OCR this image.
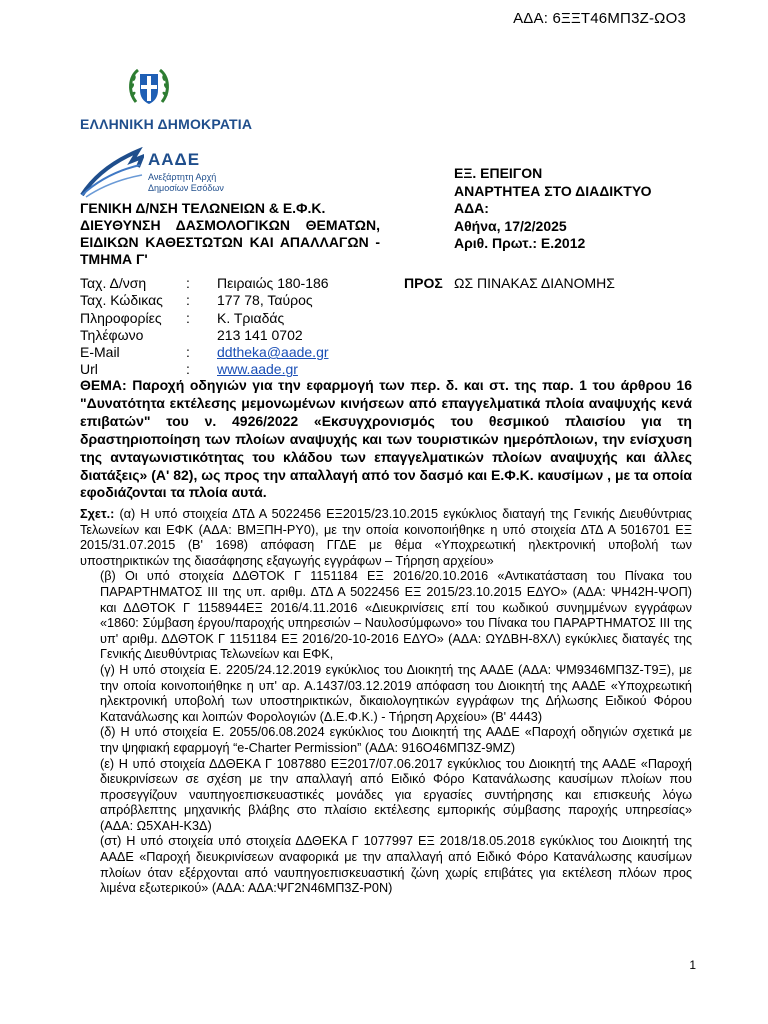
ΑΔΑ: 6ΞΞΤ46ΜΠ3Ζ-ΩΟ3
ΕΛΛΗΝΙΚΗ ΔΗΜΟΚΡΑΤΙΑ
ΑΑΔΕ
Ανεξάρτητη Αρχή
Δημοσίων Εσόδων
ΓΕΝΙΚΗ Δ/ΝΣΗ ΤΕΛΩΝΕΙΩΝ & Ε.Φ.Κ.
ΔΙΕΥΘΥΝΣΗ ΔΑΣΜΟΛΟΓΙΚΩΝ ΘΕΜΑΤΩΝ,
ΕΙΔΙΚΩΝ ΚΑΘΕΣΤΩΤΩΝ ΚΑΙ ΑΠΑΛΛΑΓΩΝ -
ΤΜΗΜΑ Γ'
ΕΞ. ΕΠΕΙΓΟΝ
ΑΝΑΡΤΗΤΕΑ ΣΤΟ ΔΙΑΔΙΚΤΥΟ
ΑΔΑ:
Αθήνα, 17/2/2025
Αριθ. Πρωτ.: Ε.2012
Ταχ. Δ/νση	: Πειραιώς 180-186
Ταχ. Κώδικας : 177 78, Ταύρος
Πληροφορίες : Κ. Τριαδάς
Τηλέφωνο	213 141 0702
E-Mail	: ddtheka@aade.gr
Url	: www.aade.gr
ΠΡΟΣ ΩΣ ΠΙΝΑΚΑΣ ΔΙΑΝΟΜΗΣ
ΘΕΜΑ: Παροχή οδηγιών για την εφαρμογή των περ. δ. και στ. της παρ. 1 του άρθρου 16 "Δυνατότητα εκτέλεσης μεμονωμένων κινήσεων από επαγγελματικά πλοία αναψυχής κενά επιβατών" του ν. 4926/2022 «Εκσυγχρονισμός του θεσμικού πλαισίου για τη δραστηριοποίηση των πλοίων αναψυχής και των τουριστικών ημερόπλοιων, την ενίσχυση της ανταγωνιστικότητας του κλάδου των επαγγελματικών πλοίων αναψυχής και άλλες διατάξεις» (Α' 82), ως προς την απαλλαγή από τον δασμό και Ε.Φ.Κ. καυσίμων , με τα οποία εφοδιάζονται τα πλοία αυτά.

Σχετ.: (α) Η υπό στοιχεία ΔΤΔ Α 5022456 ΕΞ2015/23.10.2015 εγκύκλιος διαταγή της Γενικής Διευθύντριας Τελωνείων και ΕΦΚ (ΑΔΑ: ΒΜΞΠΗ-ΡΥ0), με την οποία κοινοποιήθηκε η υπό στοιχεία ΔΤΔ Α 5016701 ΕΞ 2015/31.07.2015 (Β' 1698) απόφαση ΓΓΔΕ με θέμα «Υποχρεωτική ηλεκτρονική υποβολή των υποστηρικτικών της διασάφησης εξαγωγής εγγράφων – Τήρηση αρχείου»

(β) Οι υπό στοιχεία ΔΔΘΤΟΚ Γ 1151184 ΕΞ 2016/20.10.2016 «Αντικατάσταση του Πίνακα του ΠΑΡΑΡΤΗΜΑΤΟΣ ΙΙΙ της υπ. αριθμ. ΔΤΔ Α 5022456 ΕΞ 2015/23.10.2015 ΕΔΥΟ» (ΑΔΑ: ΨΗ42Η-ΨΟΠ) και ΔΔΘΤΟΚ Γ 1158944ΕΞ 2016/4.11.2016 «Διευκρινίσεις επί του κωδικού συνημμένων εγγράφων «1860: Σύμβαση έργου/παροχής υπηρεσιών – Ναυλοσύμφωνο» του Πίνακα του ΠΑΡΑΡΤΗΜΑΤΟΣ ΙΙΙ της υπ' αριθμ. ΔΔΘΤΟΚ Γ 1151184 ΕΞ 2016/20-10-2016 ΕΔΥΟ» (ΑΔΑ: ΩΥΔΒΗ-8ΧΛ) εγκύκλιες διαταγές της Γενικής Διευθύντριας Τελωνείων και ΕΦΚ,

(γ) Η υπό στοιχεία Ε. 2205/24.12.2019 εγκύκλιος του Διοικητή της ΑΑΔΕ (ΑΔΑ: ΨΜ9346ΜΠ3Ζ-Τ9Ξ), με την οποία κοινοποιήθηκε η υπ' αρ. Α.1437/03.12.2019 απόφαση του Διοικητή της ΑΑΔΕ «Υποχρεωτική ηλεκτρονική υποβολή των υποστηρικτικών, δικαιολογητικών εγγράφων της Δήλωσης Ειδικού Φόρου Κατανάλωσης και λοιπών Φορολογιών (Δ.Ε.Φ.Κ.) - Τήρηση Αρχείου» (Β' 4443)

(δ) Η υπό στοιχεία Ε. 2055/06.08.2024 εγκύκλιος του Διοικητή της ΑΑΔΕ «Παροχή οδηγιών σχετικά με την ψηφιακή εφαρμογή “e-Charter Permission” (ΑΔΑ: 916Ο46ΜΠ3Ζ-9ΜΖ)

(ε) Η υπό στοιχεία ΔΔΘΕΚΑ Γ 1087880 ΕΞ2017/07.06.2017 εγκύκλιος του Διοικητή της ΑΑΔΕ «Παροχή διευκρινίσεων σε σχέση με την απαλλαγή από Ειδικό Φόρο Κατανάλωσης καυσίμων πλοίων που προσεγγίζουν ναυπηγοεπισκευαστικές μονάδες για εργασίες συντήρησης και επισκευής λόγω απρόβλεπτης μηχανικής βλάβης στο πλαίσιο εκτέλεσης εμπορικής σύμβασης παροχής υπηρεσίας» (ΑΔΑ: Ω5ΧΑΗ-Κ3Δ)

(στ) Η υπό στοιχεία υπό στοιχεία ΔΔΘΕΚΑ Γ 1077997 ΕΞ 2018/18.05.2018 εγκύκλιος του Διοικητή της ΑΑΔΕ «Παροχή διευκρινίσεων αναφορικά με την απαλλαγή από Ειδικό Φόρο Κατανάλωσης καυσίμων πλοίων όταν εξέρχονται από ναυπηγοεπισκευαστική ζώνη χωρίς επιβάτες για εκτέλεση πλόων προς λιμένα εξωτερικού» (ΑΔΑ: ΑΔΑ:ΨΓ2Ν46ΜΠ3Ζ-Ρ0Ν)

1
